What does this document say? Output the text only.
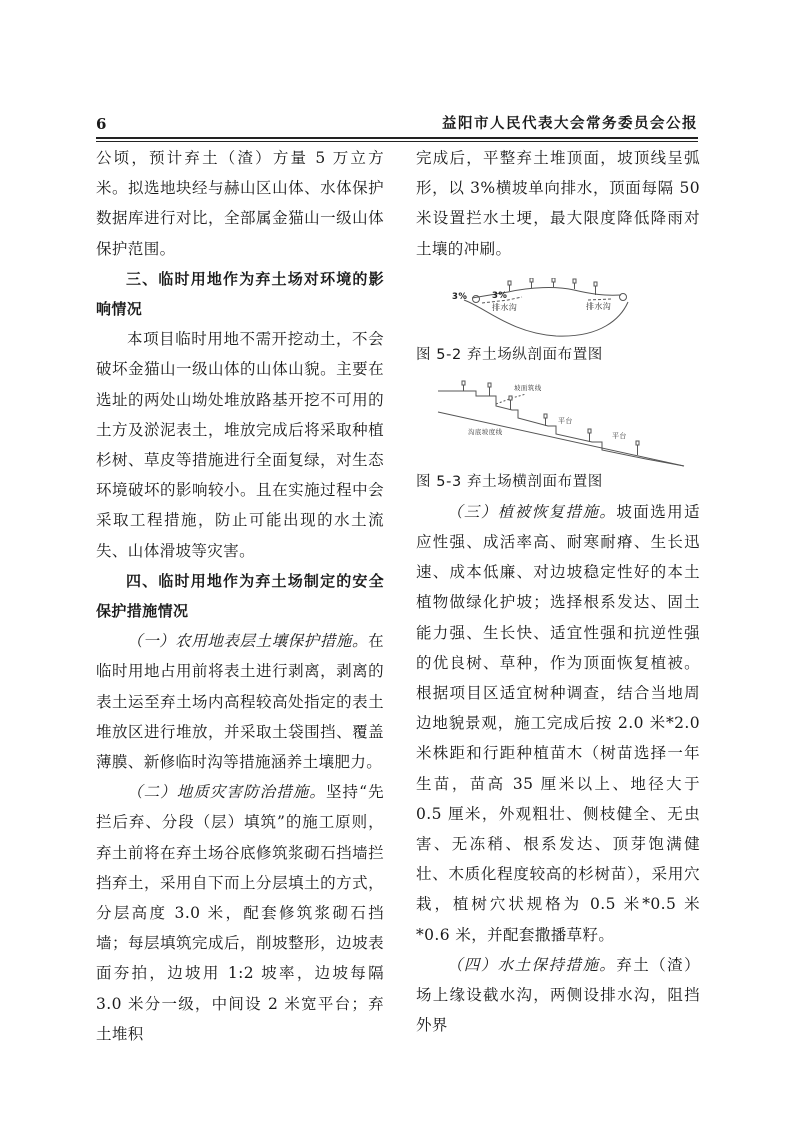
6	益阳市人民代表大会常务委员会公报

公顷，预计弃土（渣）方量 5 万立方米。拟选地块经与赫山区山体、水体保护数据库进行对比，全部属金猫山一级山体保护范围。

三、临时用地作为弃土场对环境的影响情况

本项目临时用地不需开挖动土，不会破坏金猫山一级山体的山体山貌。主要在选址的两处山坳处堆放路基开挖不可用的土方及淤泥表土，堆放完成后将采取种植杉树、草皮等措施进行全面复绿，对生态环境破坏的影响较小。且在实施过程中会采取工程措施，防止可能出现的水土流失、山体滑坡等灾害。

四、临时用地作为弃土场制定的安全保护措施情况

（一）农用地表层土壤保护措施。在临时用地占用前将表土进行剥离，剥离的表土运至弃土场内高程较高处指定的表土堆放区进行堆放，并采取土袋围挡、覆盖薄膜、新修临时沟等措施涵养土壤肥力。

（二）地质灾害防治措施。坚持“先拦后弃、分段（层）填筑”的施工原则，弃土前将在弃土场谷底修筑浆砌石挡墙拦挡弃土，采用自下而上分层填土的方式，分层高度 3.0 米，配套修筑浆砌石挡墙；每层填筑完成后，削坡整形，边坡表面夯拍，边坡用 1:2 坡率，边坡每隔 3.0 米分一级，中间设 2 米宽平台；弃土堆积

完成后，平整弃土堆顶面，坡顶线呈弧形，以 3%横坡单向排水，顶面每隔 50 米设置拦水土埂，最大限度降低降雨对土壤的冲刷。

3%	3%
排水沟	排水沟

图 5-2 弃土场纵剖面布置图

坡面筑线
平台
平台
沟底坡度线

图 5-3 弃土场横剖面布置图

（三）植被恢复措施。坡面选用适应性强、成活率高、耐寒耐瘠、生长迅速、成本低廉、对边坡稳定性好的本土植物做绿化护坡；选择根系发达、固土能力强、生长快、适宜性强和抗逆性强的优良树、草种，作为顶面恢复植被。根据项目区适宜树种调查，结合当地周边地貌景观，施工完成后按 2.0 米*2.0 米株距和行距种植苗木（树苗选择一年生苗，苗高 35 厘米以上、地径大于 0.5 厘米，外观粗壮、侧枝健全、无虫害、无冻稍、根系发达、顶芽饱满健壮、木质化程度较高的杉树苗），采用穴栽，植树穴状规格为 0.5 米*0.5 米*0.6 米，并配套撒播草籽。

（四）水土保持措施。弃土（渣）场上缘设截水沟，两侧设排水沟，阻挡外界
